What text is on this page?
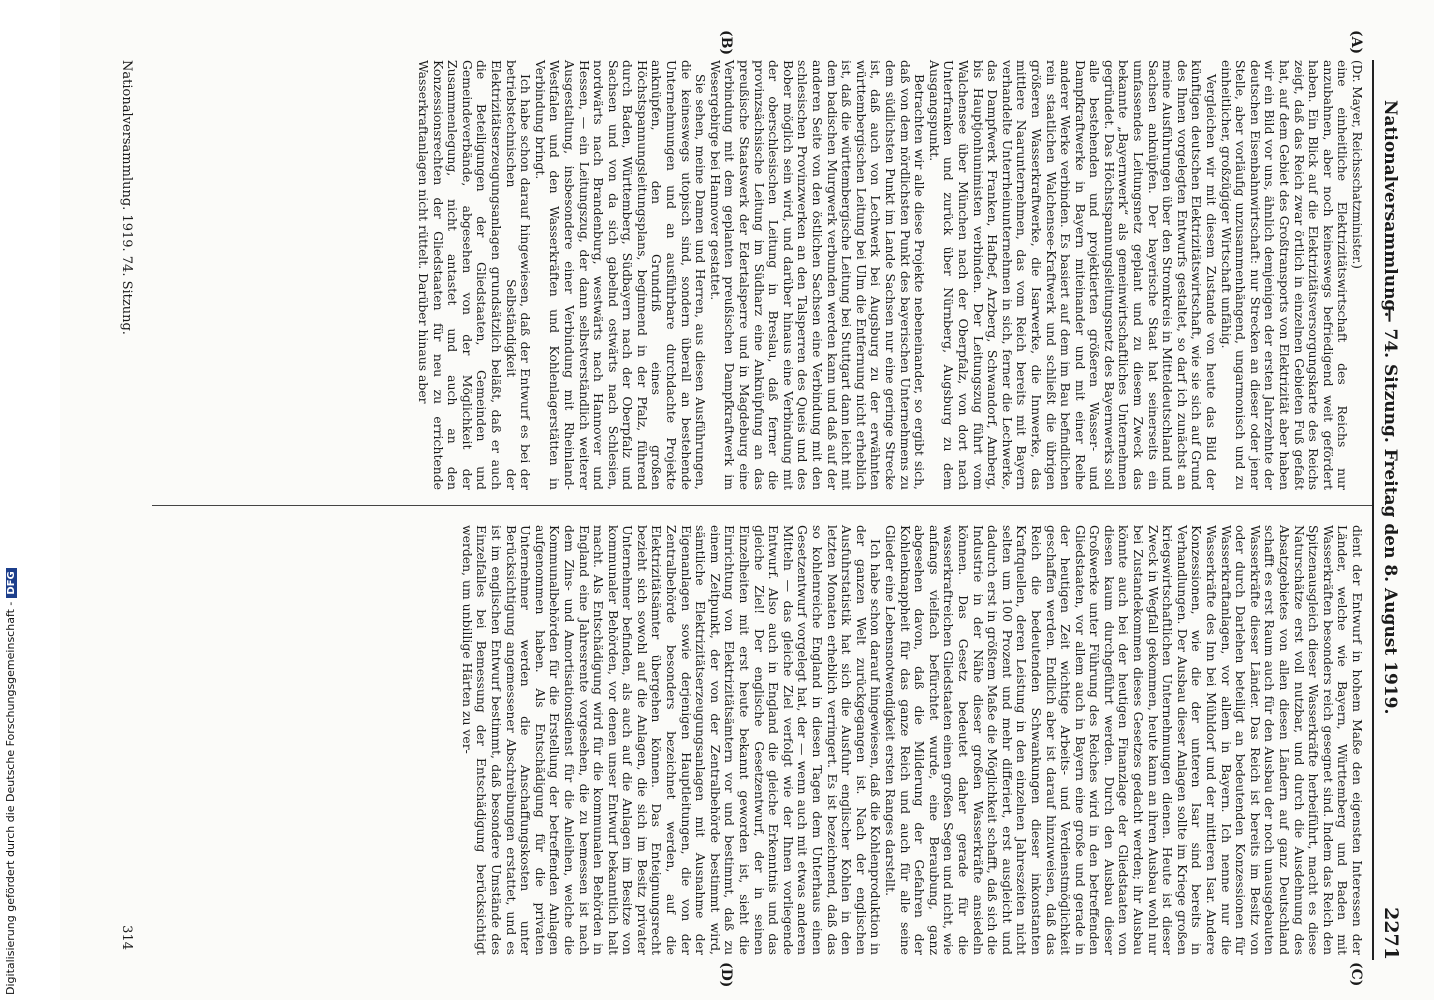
Digitalisierung gefördert durch die Deutsche Forschungsgemeinschaft -DFG
Nationalversammlung.
— 74. Sitzung. Freitag den 8. August 1919.
2271
(A)
(B)
(C)
(D)

(Dr. Mayer, Reichsschatzminister.)

eine einheitliche Elektrizitätswirtschaft des Reichs nur anzubahnen, aber noch keineswegs befriedigend weit gefördert haben. Ein Blick auf die Elektrizitätsversorgungskarte des Reichs zeigt, daß das Reich zwar örtlich in einzelnen Gebieten Fuß gefaßt hat, auf dem Gebiet des Großtransports von Elektrizität aber haben wir ein Bild vor uns, ähnlich demjenigen der ersten Jahrzehnte der deutschen Eisenbahnwirtschaft: nur Strecken an dieser oder jener Stelle, aber vorläufig unzusammenhängend, ungarmonisch und zu einheitlicher, großzügiger Wirtschaft unfähig.

Vergleichen wir mit diesem Zustande von heute das Bild der künftigen deutschen Elektrizitätswirtschaft, wie sie sich auf Grund des Ihnen vorgelegten Entwurfs gestaltet, so darf ich zunächst an meine Ausführungen über den Stromkreis in Mitteldeutschland und Sachsen anknüpfen. Der bayerische Staat hat seinerseits ein umfassendes Leitungsnetz geplant und zu diesem Zweck das bekannte „Bayernwerk“ als gemeinwirtschaftliches Unternehmen gegründet. Das Höchstspannungsleitungsnetz des Bayernwerks soll alle bestehenden und projektierten größeren Wasser- und Dampfkraftwerke in Bayern miteinander und mit einer Reihe anderer Werke verbinden. Es basiert auf dem im Bau befindlichen rein staatlichen Walchensee-Kraftwerk und schließt die übrigen größeren Wasserkraftwerke, die Isarwerke, die Innwerke, das mittlere Naarunternehmen, das vom Reich bereits mit Bayern verhandelte Unterrheinunternehmen in sich, ferner die Lechwerke, das Dampfwerk Franken, Hafbef, Arzberg, Schwandorf, Amberg, bis Hauptjonhunimisten verbinden. Der Leitungszug führt vom Walchensee über München nach der Oberpfalz, von dort nach Unterfranken und zurück über Nürnberg, Augsburg zu dem Ausgangspunkt.

Betrachten wir alle diese Projekte nebeneinander, so ergibt sich, daß von dem nördlichsten Punkt des bayerischen Unternehmens zu dem südlichsten Punkt im Lande Sachsen nur eine geringe Strecke ist, daß auch von Lechwerk bei Augsburg zu der erwähnten württembergischen Leitung bei Ulm die Entfernung nicht erheblich ist, daß die württembergische Leitung bei Stuttgart dann leicht mit dem badischen Murgwerk verbunden werden kann und daß auf der anderen Seite von den östlichen Sachsen eine Verbindung mit den schlesischen Provinzwerken an den Talsperren des Queis und des Bober möglich sein wird, und darüber hinaus eine Verbindung mit der oberschlesischen Leitung in Breslau, daß ferner die provinzsächsische Leitung im Südharz eine Anknüpfung an das preußische Staatswerk der Edertalsperre und in Magdeburg eine Verbindung mit dem geplanten preußischen Dampfkraftwerk im Wesergebirge bei Hannover gestattet.

Sie sehen, meine Damen und Herren, aus diesen Ausführungen, die keineswegs utopisch sind, sondern überall an bestehende Unternehmungen und an ausführbare durchdachte Projekte anknüpfen, den Grundriß eines großen Höchstspannungsleitungsplans, beginnend in der Pfalz, führend durch Baden, Württemberg, Südbayern nach der Oberpfalz und Sachsen und von da sich gabelnd ostwärts nach Schlesien, nordwärts nach Brandenburg, westwärts nach Hannover und Hessen, — ein Leitungszug, der dann selbstverständlich weiterer Ausgestaltung, insbesondere einer Verbindung mit Rheinland-Westfalen und den Wasserkräften und Kohlenlagerstätten in Verbindung bringt.

Ich habe schon darauf hingewiesen, daß der Entwurf es bei der betriebstechnischen Selbständigkeit der Elektrizitätserzeugungsanlagen grundsätzlich beläßt, daß er auch die Beteiligungen der Gliedstaaten, Gemeinden und Gemeindeverbände, abgesehen von der Möglichkeit der Zusammenlegung, nicht antastet und auch an den Konzessionsrechten der Gliedstaaten für neu zu errichtende Wasserkraftanlagen nicht rüttelt. Darüber hinaus aber

dient der Entwurf in hohem Maße den eigensten Interessen der Länder, welche wie Bayern, Württemberg und Baden mit Wasserkräften besonders reich gesegnet sind. Indem das Reich den Spitzenausgleich dieser Wasserkräfte herbeiführt, macht es diese Naturschätze erst voll nutzbar, und durch die Ausdehnung des Absatzgebietes von allen diesen Ländern auf ganz Deutschland schafft es erst Raum auch für den Ausbau der noch unausgebauten Wasserkräfte dieser Länder. Das Reich ist bereits im Besitz von oder durch Darlehen beteiligt an bedeutenden Konzessionen für Wasserkraftanlagen, vor allem in Bayern. Ich nenne nur die Wasserkräfte des Inn bei Mühldorf und der mittleren Isar. Andere Konzessionen, wie die der unteren Isar sind bereits in Verhandlungen. Der Ausbau dieser Anlagen sollte im Kriege großen kriegswirtschaftlichen Unternehmungen dienen. Heute ist dieser Zweck in Wegfall gekommen, heute kann an ihren Ausbau wohl nur bei Zustandekommen dieses Gesetzes gedacht werden; ihr Ausbau könnte auch bei der heutigen Finanzlage der Gliedstaaten von diesen kaum durchgeführt werden. Durch den Ausbau dieser Großwerke unter Führung des Reiches wird in den betreffenden Gliedstaaten, vor allem auch in Bayern eine große und gerade in der heutigen Zeit wichtige Arbeits- und Verdienstmöglichkeit geschaffen werden. Endlich aber ist darauf hinzuweisen, daß das Reich die bedeutenden Schwankungen dieser inkonstanten Kraftquellen, deren Leistung in den einzelnen Jahreszeiten nicht selten um 100 Prozent und mehr differiert, erst ausgleicht und dadurch erst in größtem Maße die Möglichkeit schafft, daß sich die Industrie in der Nähe dieser großen Wasserkräfte ansiedeln können. Das Gesetz bedeutet daher gerade für die wasserkraftreichen Gliedstaaten einen großen Segen und nicht, wie anfangs vielfach befürchtet wurde, eine Beraubung, ganz abgesehen davon, daß die Milderung der Gefahren der Kohlenknappheit für das ganze Reich und auch für alle seine Glieder eine Lebensnotwendigkeit ersten Ranges darstellt.

Ich habe schon darauf hingewiesen, daß die Kohlenproduktion in der ganzen Welt zurückgegangen ist. Nach der englischen Ausfuhrstatistik hat sich die Ausfuhr englischer Kohlen in den letzten Monaten erheblich verringert. Es ist bezeichnend, daß das so kohlenreiche England in diesen Tagen dem Unterhaus einen Gesetzentwurf vorgelegt hat, der — wenn auch mit etwas anderen Mitteln — das gleiche Ziel verfolgt wie der Ihnen vorliegende Entwurf. Also auch in England die gleiche Erkenntnis und das gleiche Ziel! Der englische Gesetzentwurf, der in seinen Einzelheiten mit erst heute bekannt geworden ist, sieht die Einrichtung von Elektrizitätsämtern vor und bestimmt, daß zu einem Zeitpunkt, der von der Zentralbehörde bestimmt wird, sämtliche Elektrizitätserzeugungsanlagen mit Ausnahme der Eigenanlagen sowie derjenigen Hauptleitungen, die von der Zentralbehörde besonders bezeichnet werden, auf die Elektrizitätsämter übergehen können. Das Enteignungsrecht bezieht sich sowohl auf die Anlagen, die sich im Besitz privater Unternehmer befinden, als auch auf die Anlagen im Besitze von kommunaler Behörden, vor denen unser Entwurf bekanntlich halt macht. Als Entschädigung wird für die kommunalen Behörden in England eine Jahresrente vorgesehen, die zu bemessen ist nach dem Zins- und Amortisationsdienst für die Anleihen, welche die Kommunalbehörden für die Erstellung der betreffenden Anlagen aufgenommen haben. Als Entschädigung für die privaten Unternehmer werden die Anschaffungskosten unter Berücksichtigung angemessener Abschreibungen erstattet, und es ist im englischen Entwurf bestimmt, daß besondere Umstände des Einzelfalles bei Bemessung der Entschädigung berücksichtigt werden, um unbillige Härten zu ver-

Nationalversammlung. 1919. 74. Sitzung.
314
